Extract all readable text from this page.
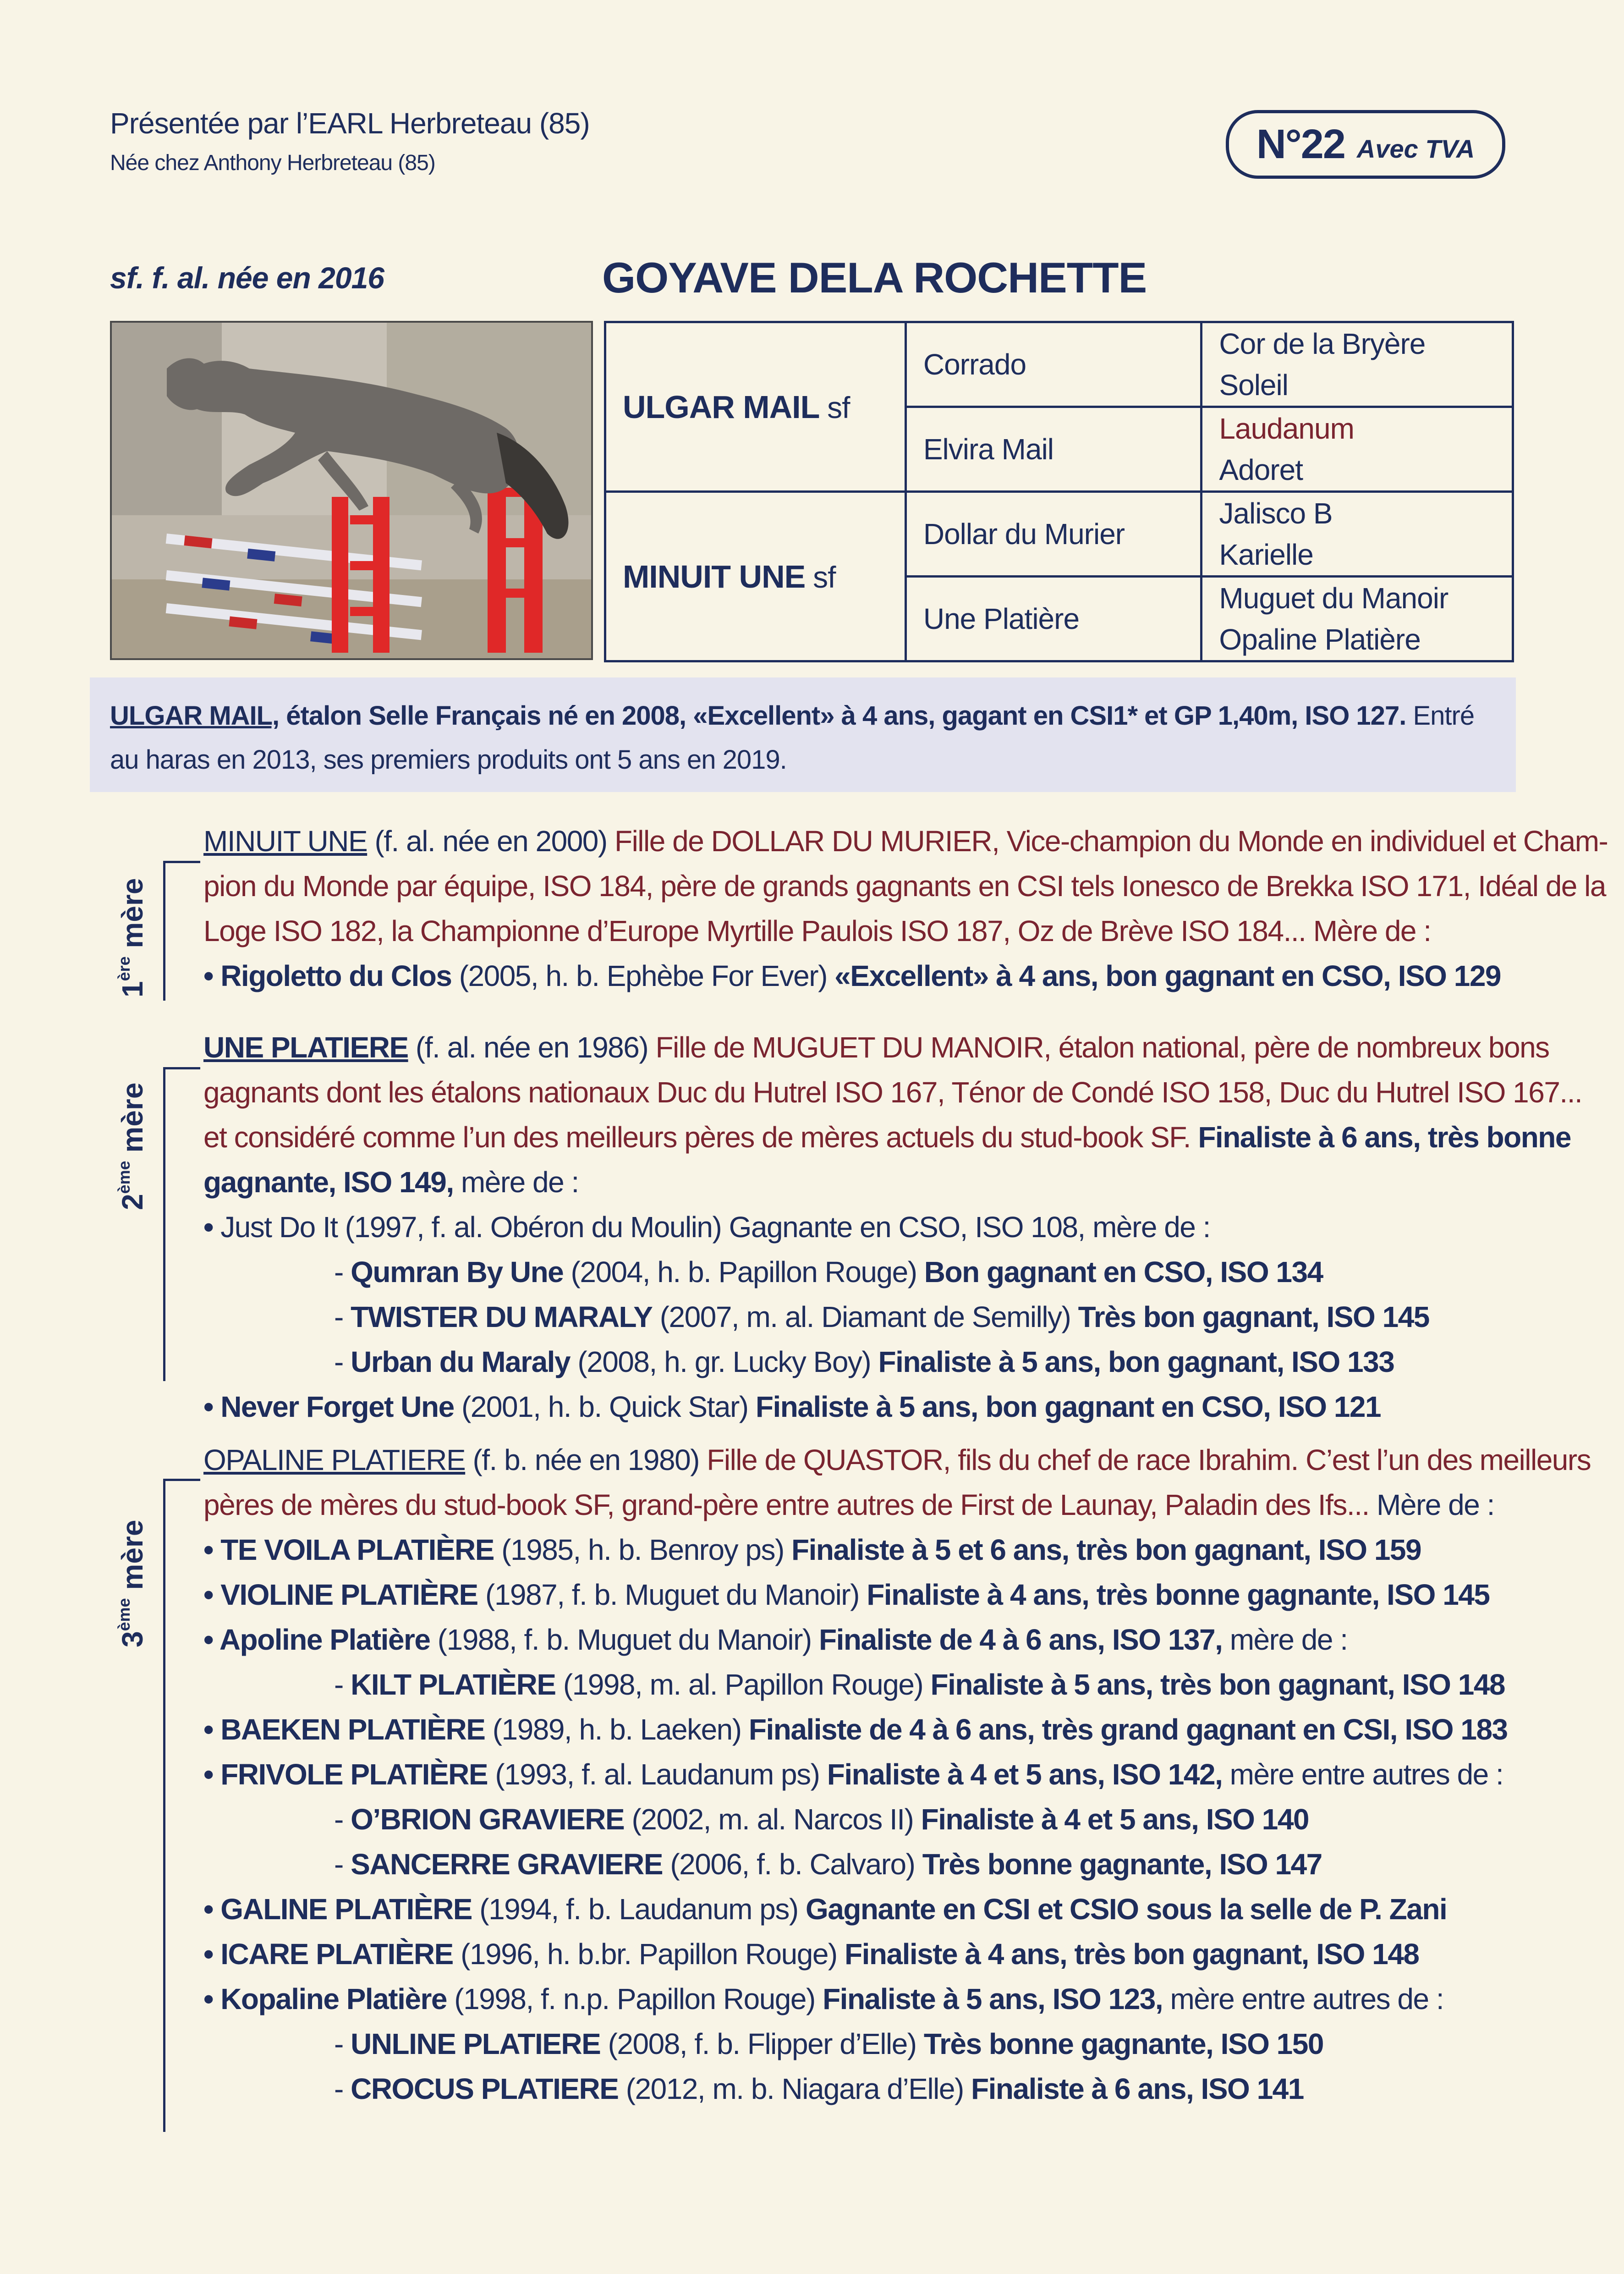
Présentée par l’EARL Herbreteau (85)
Née chez Anthony Herbreteau (85)	N°22 Avec TVA
sf. f. al. née en 2016	GOYAVE DELA ROCHETTE
ULGAR MAIL sf	Corrado	Cor de la Bryère
Soleil

	Elvira Mail	Laudanum
Adoret

MINUIT UNE sf	Dollar du Murier	Jalisco B
Karielle

	Une Platière	Muguet du Manoir
Opaline Platière
ULGAR MAIL, étalon Selle Français né en 2008, «Excellent» à 4 ans, gagant en CSI1* et GP 1,40m, ISO 127. Entré
au haras en 2013, ses premiers produits ont 5 ans en 2019.
1ère mère
MINUIT UNE (f. al. née en 2000) Fille de DOLLAR DU MURIER, Vice-champion du Monde en individuel et Cham-
pion du Monde par équipe, ISO 184, père de grands gagnants en CSI tels Ionesco de Brekka ISO 171, Idéal de la
Loge ISO 182, la Championne d’Europe Myrtille Paulois ISO 187, Oz de Brève ISO 184... Mère de :
• Rigoletto du Clos (2005, h. b. Ephèbe For Ever) «Excellent» à 4 ans, bon gagnant en CSO, ISO 129
2ème mère
UNE PLATIERE (f. al. née en 1986) Fille de MUGUET DU MANOIR, étalon national, père de nombreux bons
gagnants dont les étalons nationaux Duc du Hutrel ISO 167, Ténor de Condé ISO 158, Duc du Hutrel ISO 167...
et considéré comme l’un des meilleurs pères de mères actuels du stud-book SF. Finaliste à 6 ans, très bonne
gagnante, ISO 149, mère de :
• Just Do It (1997, f. al. Obéron du Moulin) Gagnante en CSO, ISO 108, mère de :
- Qumran By Une (2004, h. b. Papillon Rouge) Bon gagnant en CSO, ISO 134
- TWISTER DU MARALY (2007, m. al. Diamant de Semilly) Très bon gagnant, ISO 145
- Urban du Maraly (2008, h. gr. Lucky Boy) Finaliste à 5 ans, bon gagnant, ISO 133
• Never Forget Une (2001, h. b. Quick Star) Finaliste à 5 ans, bon gagnant en CSO, ISO 121
3ème mère
OPALINE PLATIERE (f. b. née en 1980) Fille de QUASTOR, fils du chef de race Ibrahim. C’est l’un des meilleurs
pères de mères du stud-book SF, grand-père entre autres de First de Launay, Paladin des Ifs... Mère de :
• TE VOILA PLATIÈRE (1985, h. b. Benroy ps) Finaliste à 5 et 6 ans, très bon gagnant, ISO 159
• VIOLINE PLATIÈRE (1987, f. b. Muguet du Manoir) Finaliste à 4 ans, très bonne gagnante, ISO 145
• Apoline Platière (1988, f. b. Muguet du Manoir) Finaliste de 4 à 6 ans, ISO 137, mère de :
- KILT PLATIÈRE (1998, m. al. Papillon Rouge) Finaliste à 5 ans, très bon gagnant, ISO 148
• BAEKEN PLATIÈRE (1989, h. b. Laeken) Finaliste de 4 à 6 ans, très grand gagnant en CSI, ISO 183
• FRIVOLE PLATIÈRE (1993, f. al. Laudanum ps) Finaliste à 4 et 5 ans, ISO 142, mère entre autres de :
- O’BRION GRAVIERE (2002, m. al. Narcos II) Finaliste à 4 et 5 ans, ISO 140
- SANCERRE GRAVIERE (2006, f. b. Calvaro) Très bonne gagnante, ISO 147
• GALINE PLATIÈRE (1994, f. b. Laudanum ps) Gagnante en CSI et CSIO sous la selle de P. Zani
• ICARE PLATIÈRE (1996, h. b.br. Papillon Rouge) Finaliste à 4 ans, très bon gagnant, ISO 148
• Kopaline Platière (1998, f. n.p. Papillon Rouge) Finaliste à 5 ans, ISO 123, mère entre autres de :
- UNLINE PLATIERE (2008, f. b. Flipper d’Elle) Très bonne gagnante, ISO 150
- CROCUS PLATIERE (2012, m. b. Niagara d’Elle) Finaliste à 6 ans, ISO 141
